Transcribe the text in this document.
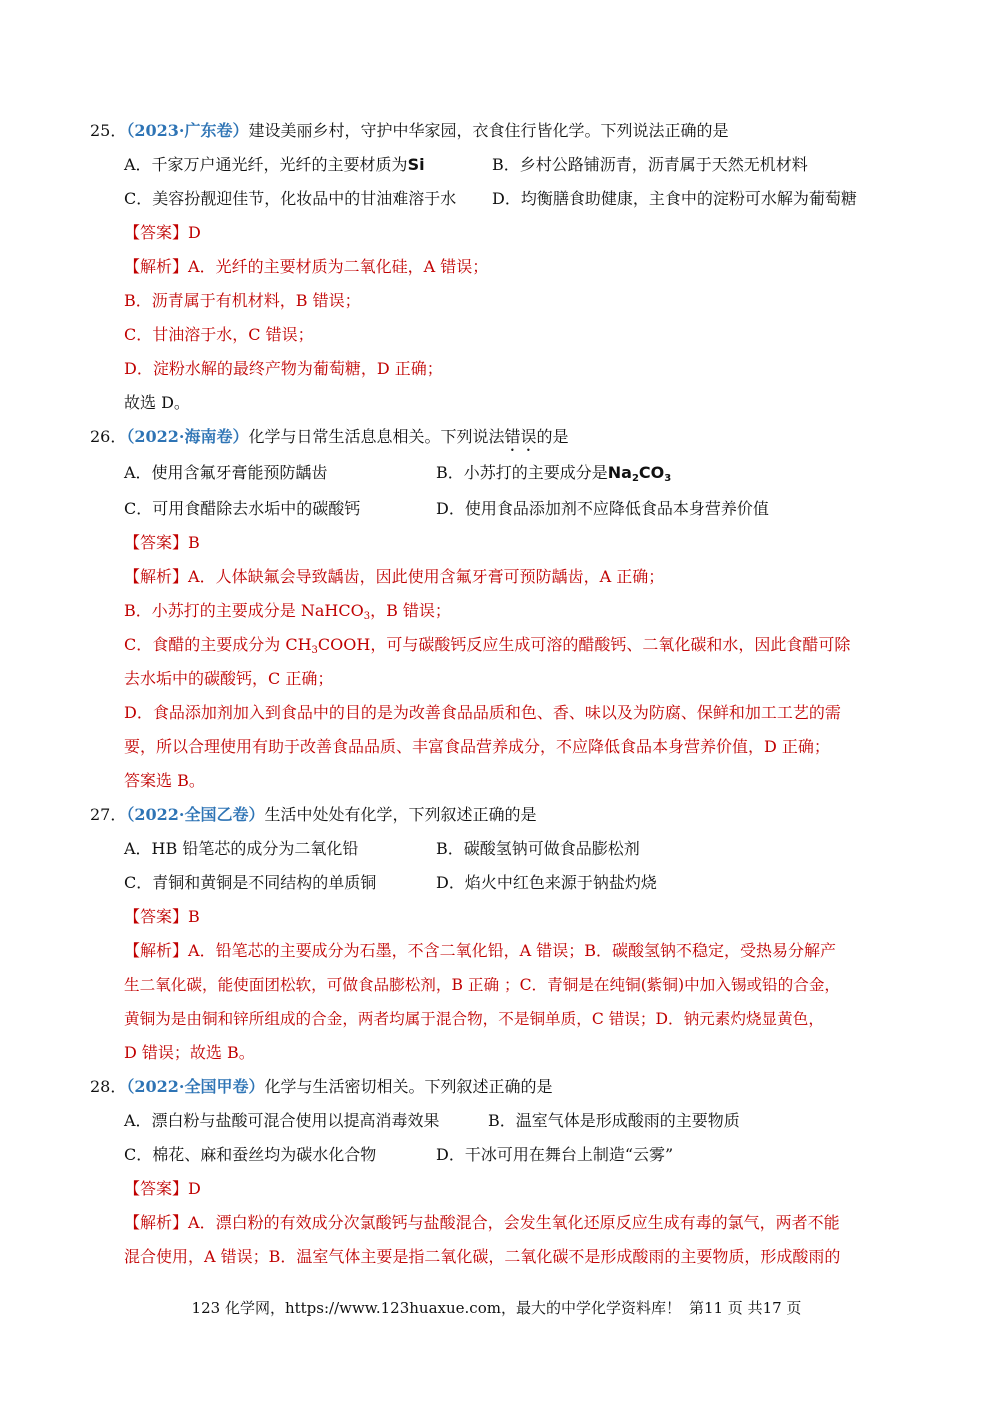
25．（2023·广东卷）建设美丽乡村，守护中华家园，衣食住行皆化学。下列说法正确的是
A．千家万户通光纤，光纤的主要材质为Si	B．乡村公路铺沥青，沥青属于天然无机材料
C．美容扮靓迎佳节，化妆品中的甘油难溶于水 D．均衡膳食助健康，主食中的淀粉可水解为葡萄糖
【答案】D
【解析】A．光纤的主要材质为二氧化硅，A 错误；
B．沥青属于有机材料，B 错误；
C．甘油溶于水，C 错误；
D．淀粉水解的最终产物为葡萄糖，D 正确；
故选 D。
26．（2022·海南卷）化学与日常生活息息相关。下列说法错误的是
A．使用含氟牙膏能预防龋齿	B．小苏打的主要成分是$Na_2CO_3$
C．可用食醋除去水垢中的碳酸钙	D．使用食品添加剂不应降低食品本身营养价值
【答案】B
【解析】A．人体缺氟会导致龋齿，因此使用含氟牙膏可预防龋齿，A 正确；
B．小苏打的主要成分是 NaHCO$_3$，B 错误；
C．食醋的主要成分为 $CH_3COOH$，可与碳酸钙反应生成可溶的醋酸钙、二氧化碳和水，因此食醋可除
去水垢中的碳酸钙，C 正确；
D．食品添加剂加入到食品中的目的是为改善食品品质和色、香、味以及为防腐、保鲜和加工工艺的需
要，所以合理使用有助于改善食品品质、丰富食品营养成分，不应降低食品本身营养价值，D 正确；
答案选 B。
27．（2022·全国乙卷）生活中处处有化学，下列叙述正确的是
A．HB 铅笔芯的成分为二氧化铅	B．碳酸氢钠可做食品膨松剂
C．青铜和黄铜是不同结构的单质铜	D．焰火中红色来源于钠盐灼烧
【答案】B
【解析】A．铅笔芯的主要成分为石墨，不含二氧化铅，A 错误；B．碳酸氢钠不稳定，受热易分解产
生二氧化碳，能使面团松软，可做食品膨松剂，B 正确 ；C．青铜是在纯铜(紫铜)中加入锡或铅的合金，
黄铜为是由铜和锌所组成的合金，两者均属于混合物，不是铜单质，C 错误；D．钠元素灼烧显黄色，
D 错误；故选 B。
28．（2022·全国甲卷）化学与生活密切相关。下列叙述正确的是
A．漂白粉与盐酸可混合使用以提高消毒效果	B．温室气体是形成酸雨的主要物质
C．棉花、麻和蚕丝均为碳水化合物	D．干冰可用在舞台上制造“云雾”
【答案】D
【解析】A．漂白粉的有效成分次氯酸钙与盐酸混合，会发生氧化还原反应生成有毒的氯气，两者不能
混合使用，A 错误；B．温室气体主要是指二氧化碳，二氧化碳不是形成酸雨的主要物质，形成酸雨的
123 化学网，https://www.123huaxue.com，最大的中学化学资料库！ 第11 页 共17 页
